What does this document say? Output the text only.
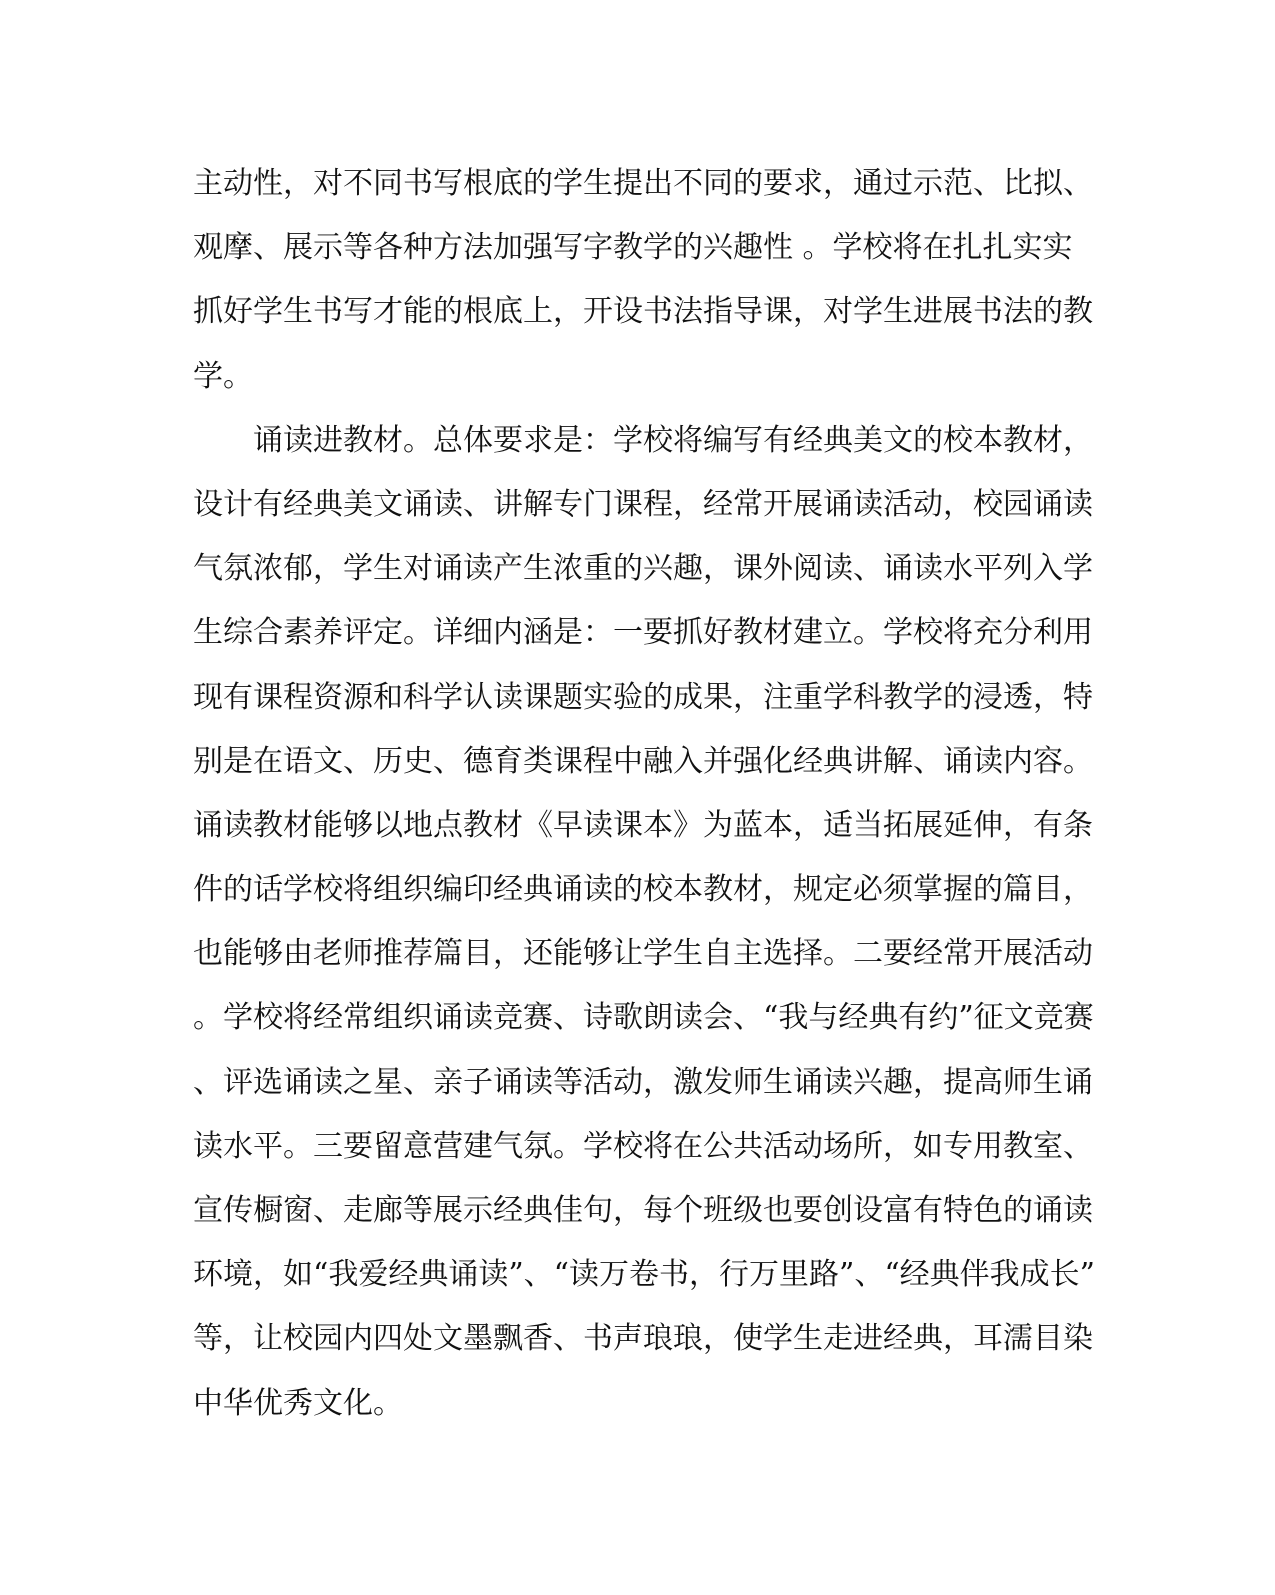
主动性，对不同书写根底的学生提出不同的要求，通过示范、比拟、
观摩、展示等各种方法加强写字教学的兴趣性 。学校将在扎扎实实
抓好学生书写才能的根底上，开设书法指导课，对学生进展书法的教
学。
诵读进教材。总体要求是：学校将编写有经典美文的校本教材，
设计有经典美文诵读、讲解专门课程，经常开展诵读活动，校园诵读
气氛浓郁，学生对诵读产生浓重的兴趣，课外阅读、诵读水平列入学
生综合素养评定。详细内涵是：一要抓好教材建立。学校将充分利用
现有课程资源和科学认读课题实验的成果，注重学科教学的浸透，特
别是在语文、历史、德育类课程中融入并强化经典讲解、诵读内容。
诵读教材能够以地点教材《早读课本》为蓝本，适当拓展延伸，有条
件的话学校将组织编印经典诵读的校本教材，规定必须掌握的篇目，
也能够由老师推荐篇目，还能够让学生自主选择。二要经常开展活动
。学校将经常组织诵读竞赛、诗歌朗读会、“我与经典有约”征文竞赛
、评选诵读之星、亲子诵读等活动，激发师生诵读兴趣，提高师生诵
读水平。三要留意营建气氛。学校将在公共活动场所，如专用教室、
宣传橱窗、走廊等展示经典佳句，每个班级也要创设富有特色的诵读
环境，如“我爱经典诵读”、“读万卷书，行万里路”、“经典伴我成长”
等，让校园内四处文墨飘香、书声琅琅，使学生走进经典，耳濡目染
中华优秀文化。
